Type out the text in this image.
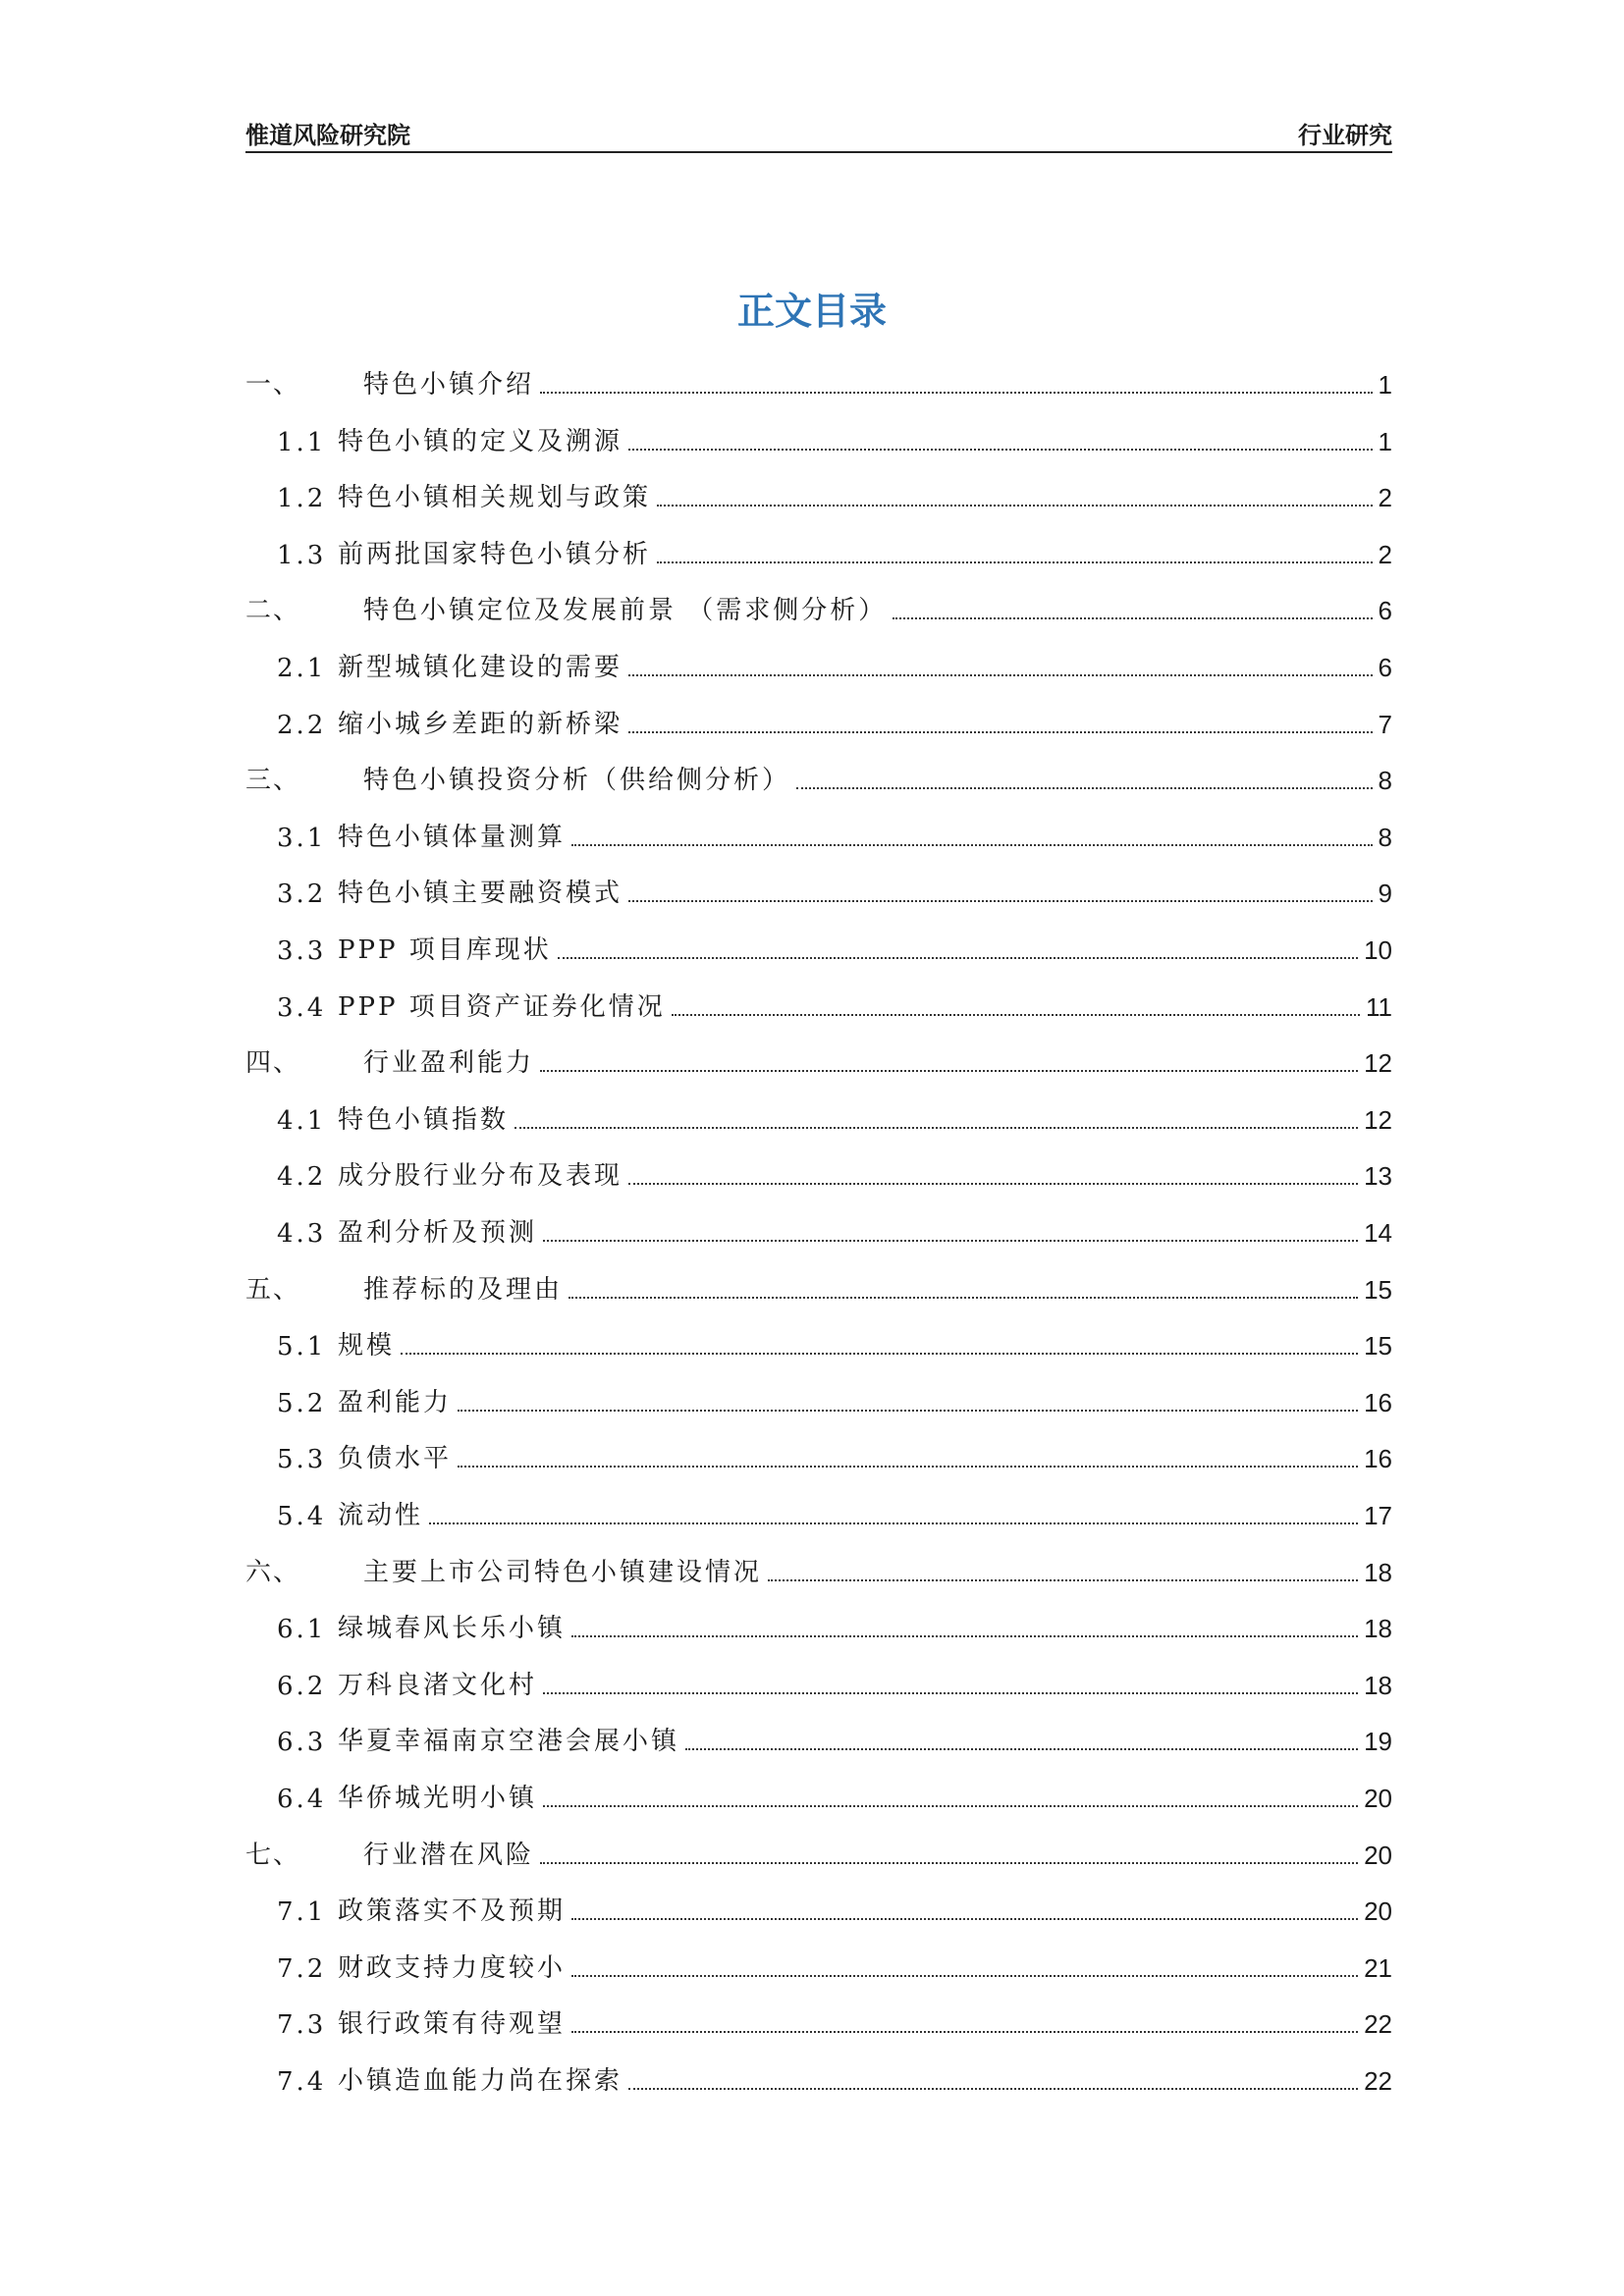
惟道风险研究院	行业研究
正文目录
一、	特色小镇介绍	1
1.1 特色小镇的定义及溯源	1
1.2 特色小镇相关规划与政策	2
1.3 前两批国家特色小镇分析	2
二、	特色小镇定位及发展前景 （需求侧分析）	6
2.1 新型城镇化建设的需要	6
2.2 缩小城乡差距的新桥梁	7
三、	特色小镇投资分析（供给侧分析）	8
3.1 特色小镇体量测算	8
3.2 特色小镇主要融资模式	9
3.3 PPP 项目库现状	10
3.4 PPP 项目资产证券化情况	11
四、	行业盈利能力	12
4.1 特色小镇指数	12
4.2 成分股行业分布及表现	13
4.3 盈利分析及预测	14
五、	推荐标的及理由	15
5.1 规模	15
5.2 盈利能力	16
5.3 负债水平	16
5.4 流动性	17
六、	主要上市公司特色小镇建设情况	18
6.1 绿城春风长乐小镇	18
6.2 万科良渚文化村	18
6.3 华夏幸福南京空港会展小镇	19
6.4 华侨城光明小镇	20
七、	行业潜在风险	20
7.1 政策落实不及预期	20
7.2 财政支持力度较小	21
7.3 银行政策有待观望	22
7.4 小镇造血能力尚在探索	22
